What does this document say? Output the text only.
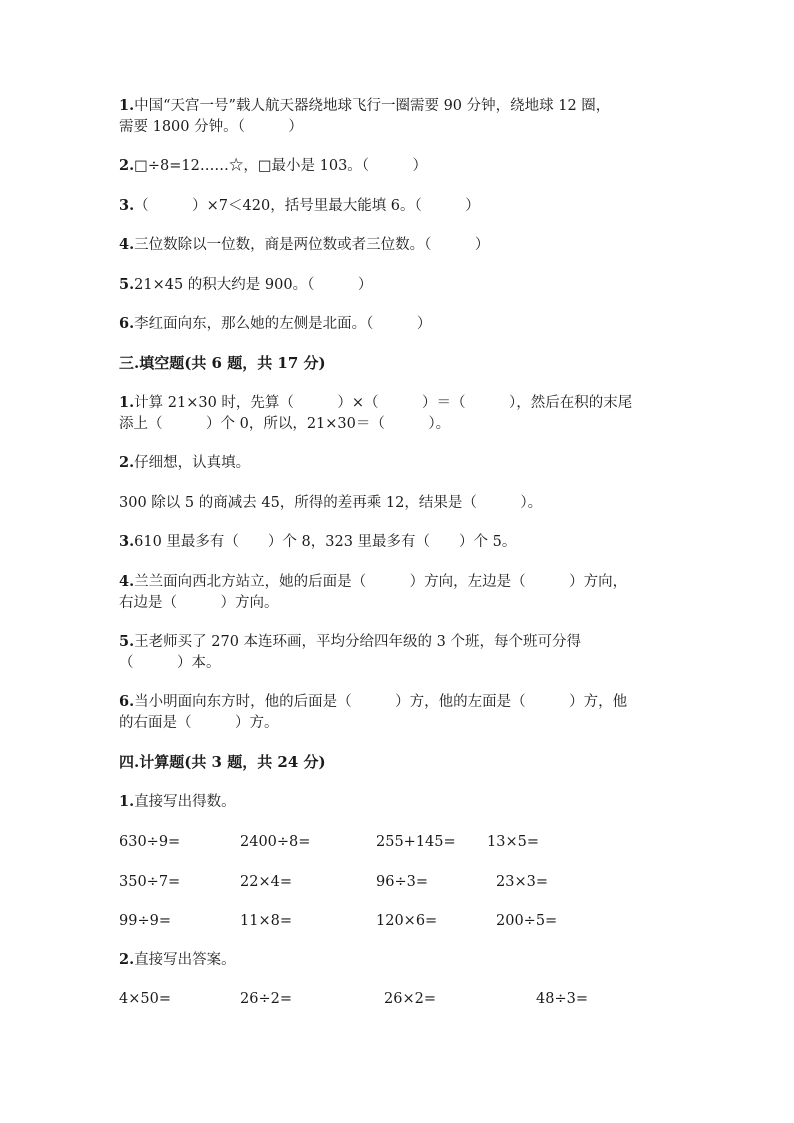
1.中国“天宫一号”载人航天器绕地球飞行一圈需要 90 分钟，绕地球 12 圈，
需要 1800 分钟。（　　　）
2.□÷8=12……☆，□最小是 103。（　　　）
3.（　　　）×7＜420，括号里最大能填 6。（　　　）
4.三位数除以一位数，商是两位数或者三位数。（　　　）
5.21×45 的积大约是 900。（　　　）
6.李红面向东，那么她的左侧是北面。（　　　）
三.填空题(共 6 题，共 17 分)
1.计算 21×30 时，先算（　　　）×（　　　）＝（　　　），然后在积的末尾
添上（　　　）个 0，所以，21×30＝（　　　）。
2.仔细想，认真填。
300 除以 5 的商减去 45，所得的差再乘 12，结果是（　　　）。
3.610 里最多有（　　）个 8，323 里最多有（　　）个 5。
4.兰兰面向西北方站立，她的后面是（　　　）方向，左边是（　　　）方向，
右边是（　　　）方向。
5.王老师买了 270 本连环画，平均分给四年级的 3 个班，每个班可分得
（　　　）本。
6.当小明面向东方时，他的后面是（　　　）方，他的左面是（　　　）方，他
的右面是（　　　）方。
四.计算题(共 3 题，共 24 分)
1.直接写出得数。
630÷9=	2400÷8=	255+145= 13×5=
350÷7=	22×4=	96÷3=	23×3=
99÷9=	11×8=	120×6=	200÷5=
2.直接写出答案。
4×50=	26÷2=	26×2=	48÷3=
